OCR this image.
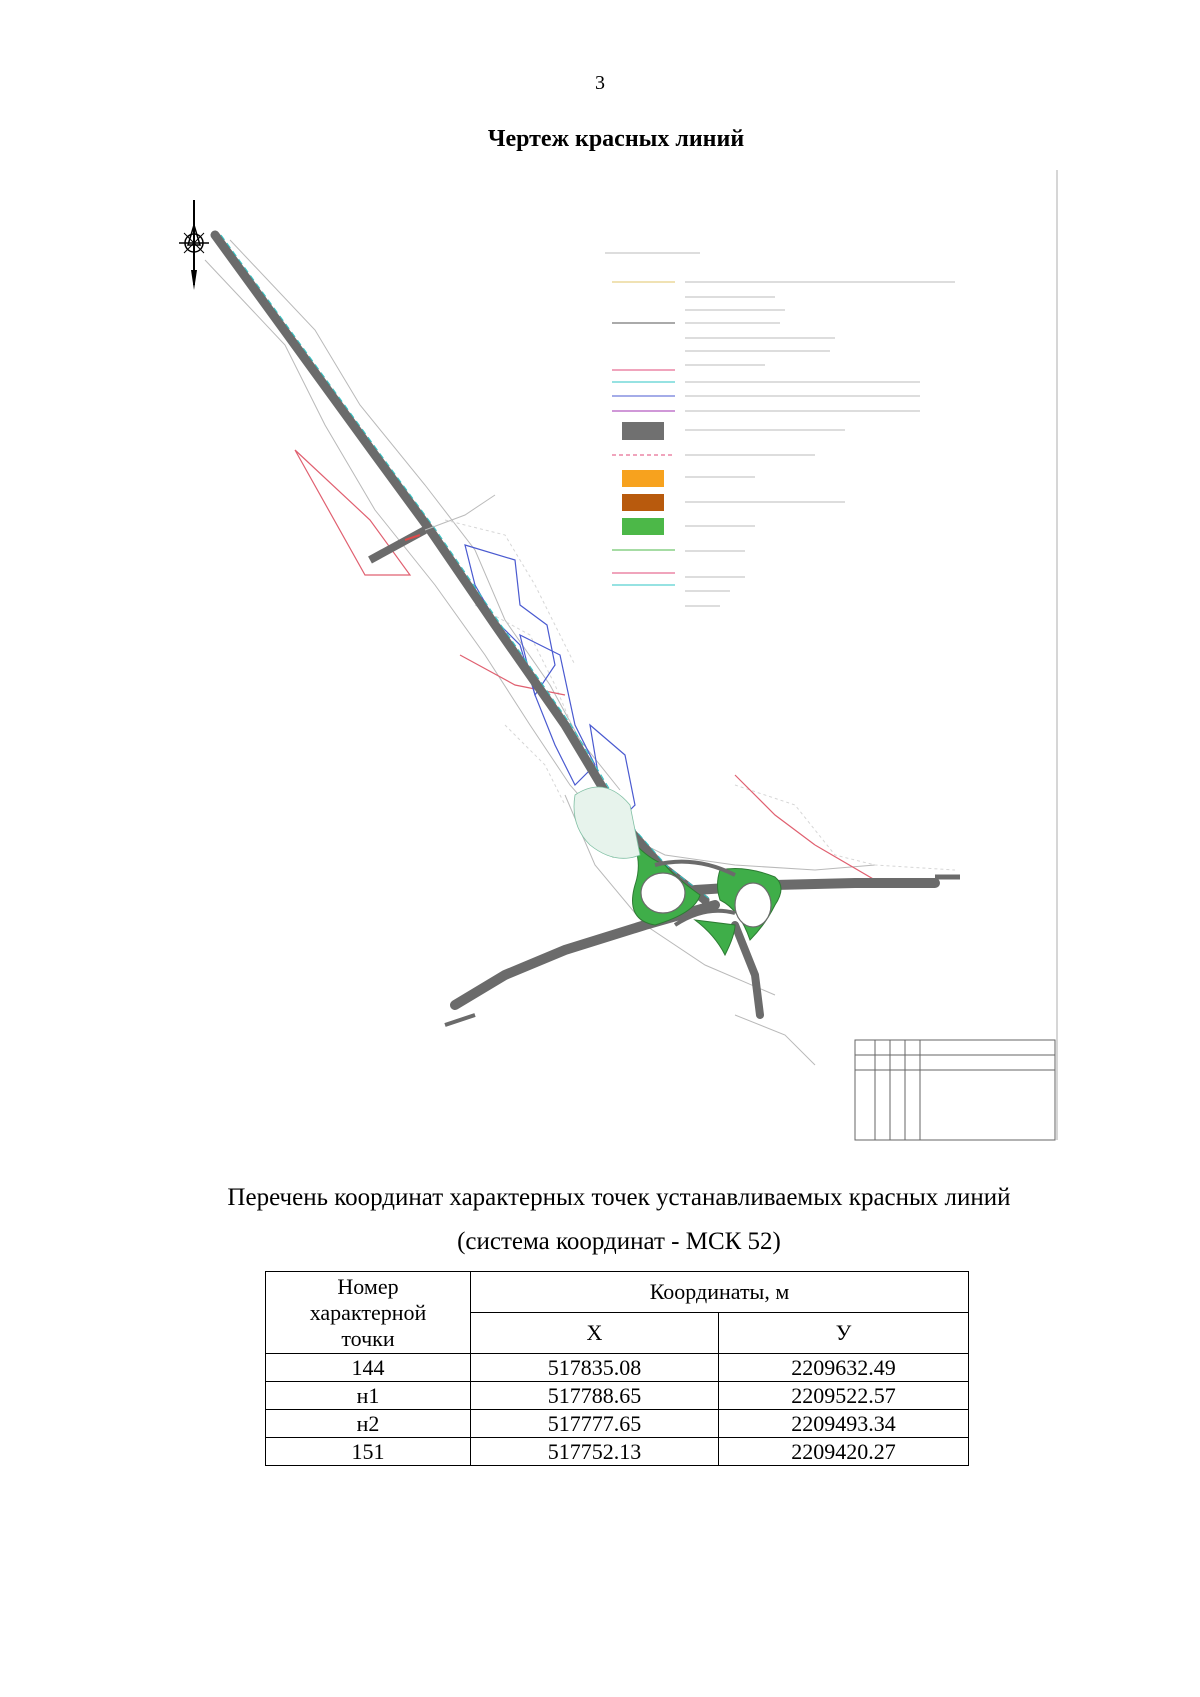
3
Чертеж красных линий
Перечень координат характерных точек устанавливаемых красных линий
(система координат - МСК 52)
Номер
характерной
точки	Координаты, м	
	Х	У
144	517835.08	2209632.49
н1	517788.65	2209522.57
н2	517777.65	2209493.34
151	517752.13	2209420.27
